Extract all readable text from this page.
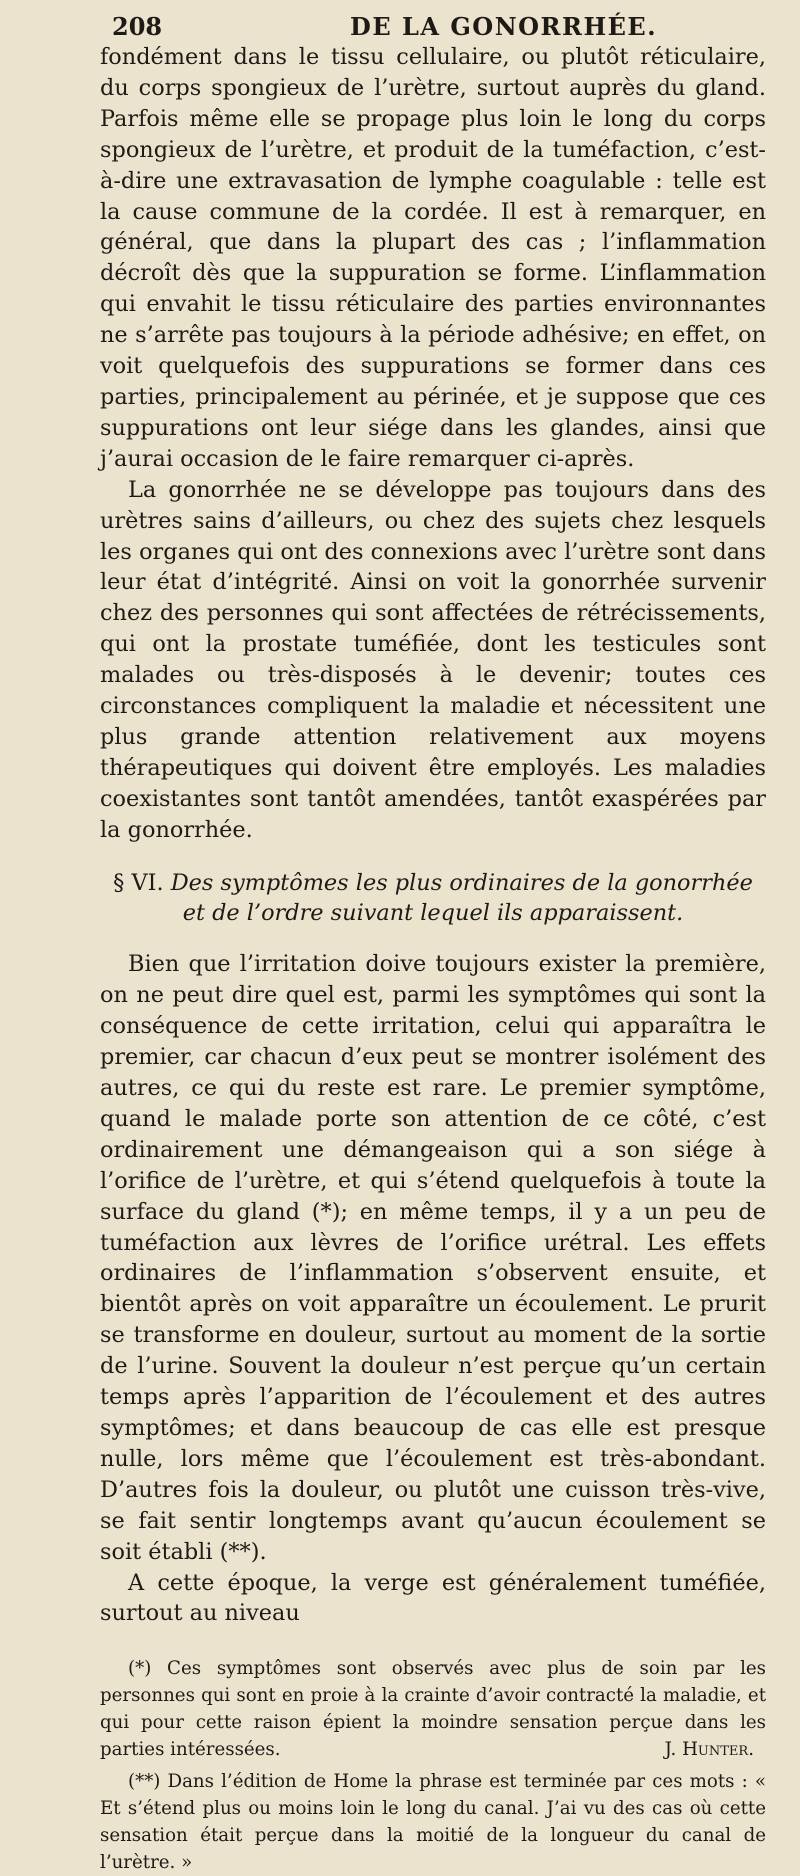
208	DE LA GONORRHÉE.

fondément dans le tissu cellulaire, ou plutôt réticulaire, du corps spongieux de l’urètre, surtout auprès du gland. Parfois même elle se propage plus loin le long du corps spongieux de l’urètre, et produit de la tuméfaction, c’est-à-dire une extravasation de lymphe coagulable : telle est la cause commune de la cordée. Il est à remarquer, en général, que dans la plupart des cas ; l’inflammation décroît dès que la suppuration se forme. L’inflammation qui envahit le tissu réticulaire des parties environnantes ne s’arrête pas toujours à la période adhésive; en effet, on voit quelquefois des suppurations se former dans ces parties, principalement au périnée, et je suppose que ces suppurations ont leur siége dans les glandes, ainsi que j’aurai occasion de le faire remarquer ci-après.

La gonorrhée ne se développe pas toujours dans des urètres sains d’ailleurs, ou chez des sujets chez lesquels les organes qui ont des connexions avec l’urètre sont dans leur état d’intégrité. Ainsi on voit la gonorrhée survenir chez des personnes qui sont affectées de rétrécissements, qui ont la prostate tuméfiée, dont les testicules sont malades ou très-disposés à le devenir; toutes ces circonstances compliquent la maladie et nécessitent une plus grande attention relativement aux moyens thérapeutiques qui doivent être employés. Les maladies coexistantes sont tantôt amendées, tantôt exaspérées par la gonorrhée.

§ VI. Des symptômes les plus ordinaires de la gonorrhée et de l’ordre suivant lequel ils apparaissent.

Bien que l’irritation doive toujours exister la première, on ne peut dire quel est, parmi les symptômes qui sont la conséquence de cette irritation, celui qui apparaîtra le premier, car chacun d’eux peut se montrer isolément des autres, ce qui du reste est rare. Le premier symptôme, quand le malade porte son attention de ce côté, c’est ordinairement une démangeaison qui a son siége à l’orifice de l’urètre, et qui s’étend quelquefois à toute la surface du gland (*); en même temps, il y a un peu de tuméfaction aux lèvres de l’orifice urétral. Les effets ordinaires de l’inflammation s’observent ensuite, et bientôt après on voit apparaître un écoulement. Le prurit se transforme en douleur, surtout au moment de la sortie de l’urine. Souvent la douleur n’est perçue qu’un certain temps après l’apparition de l’écoulement et des autres symptômes; et dans beaucoup de cas elle est presque nulle, lors même que l’écoulement est très-abondant. D’autres fois la douleur, ou plutôt une cuisson très-vive, se fait sentir longtemps avant qu’aucun écoulement se soit établi (**).

A cette époque, la verge est généralement tuméfiée, surtout au niveau

(*) Ces symptômes sont observés avec plus de soin par les personnes qui sont en proie à la crainte d’avoir contracté la maladie, et qui pour cette raison épient la moindre sensation perçue dans les parties intéressées.	J. Hunter.

(**) Dans l’édition de Home la phrase est terminée par ces mots : « Et s’étend plus ou moins loin le long du canal. J’ai vu des cas où cette sensation était perçue dans la moitié de la longueur du canal de l’urètre. »
